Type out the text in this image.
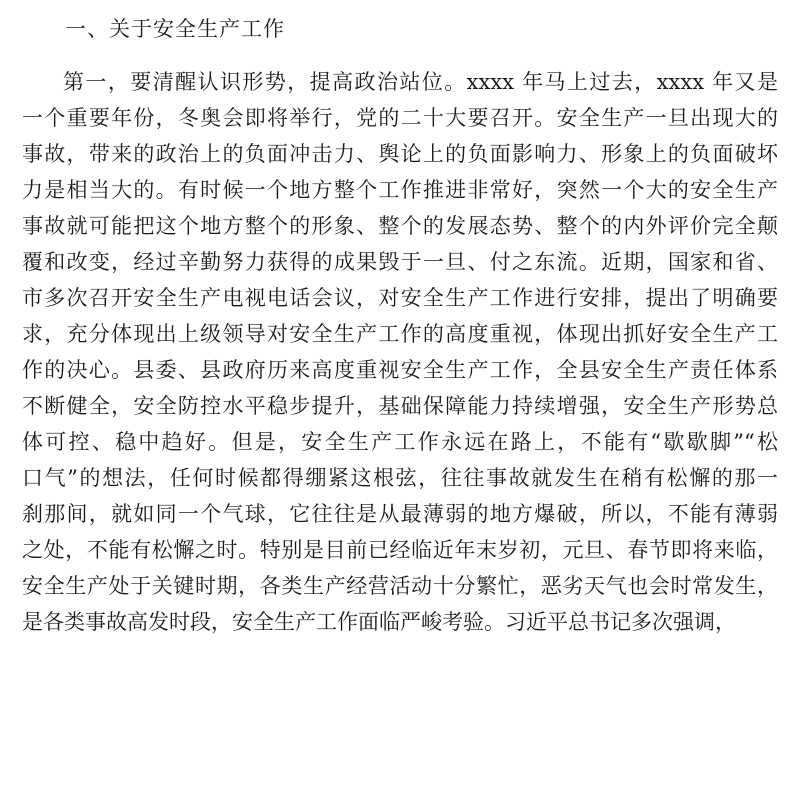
一、关于安全生产工作
第一，要清醒认识形势，提高政治站位。xxxx 年马上过去，xxxx 年又是
一个重要年份，冬奥会即将举行，党的二十大要召开。安全生产一旦出现大的
事故，带来的政治上的负面冲击力、舆论上的负面影响力、形象上的负面破坏
力是相当大的。有时候一个地方整个工作推进非常好，突然一个大的安全生产
事故就可能把这个地方整个的形象、整个的发展态势、整个的内外评价完全颠
覆和改变，经过辛勤努力获得的成果毁于一旦、付之东流。近期，国家和省、
市多次召开安全生产电视电话会议，对安全生产工作进行安排，提出了明确要
求，充分体现出上级领导对安全生产工作的高度重视，体现出抓好安全生产工
作的决心。县委、县政府历来高度重视安全生产工作，全县安全生产责任体系
不断健全，安全防控水平稳步提升，基础保障能力持续增强，安全生产形势总
体可控、稳中趋好。但是，安全生产工作永远在路上，不能有“歇歇脚”“松
口气”的想法，任何时候都得绷紧这根弦，往往事故就发生在稍有松懈的那一
刹那间，就如同一个气球，它往往是从最薄弱的地方爆破，所以，不能有薄弱
之处，不能有松懈之时。特别是目前已经临近年末岁初，元旦、春节即将来临，
安全生产处于关键时期，各类生产经营活动十分繁忙，恶劣天气也会时常发生，
是各类事故高发时段，安全生产工作面临严峻考验。习近平总书记多次强调，
